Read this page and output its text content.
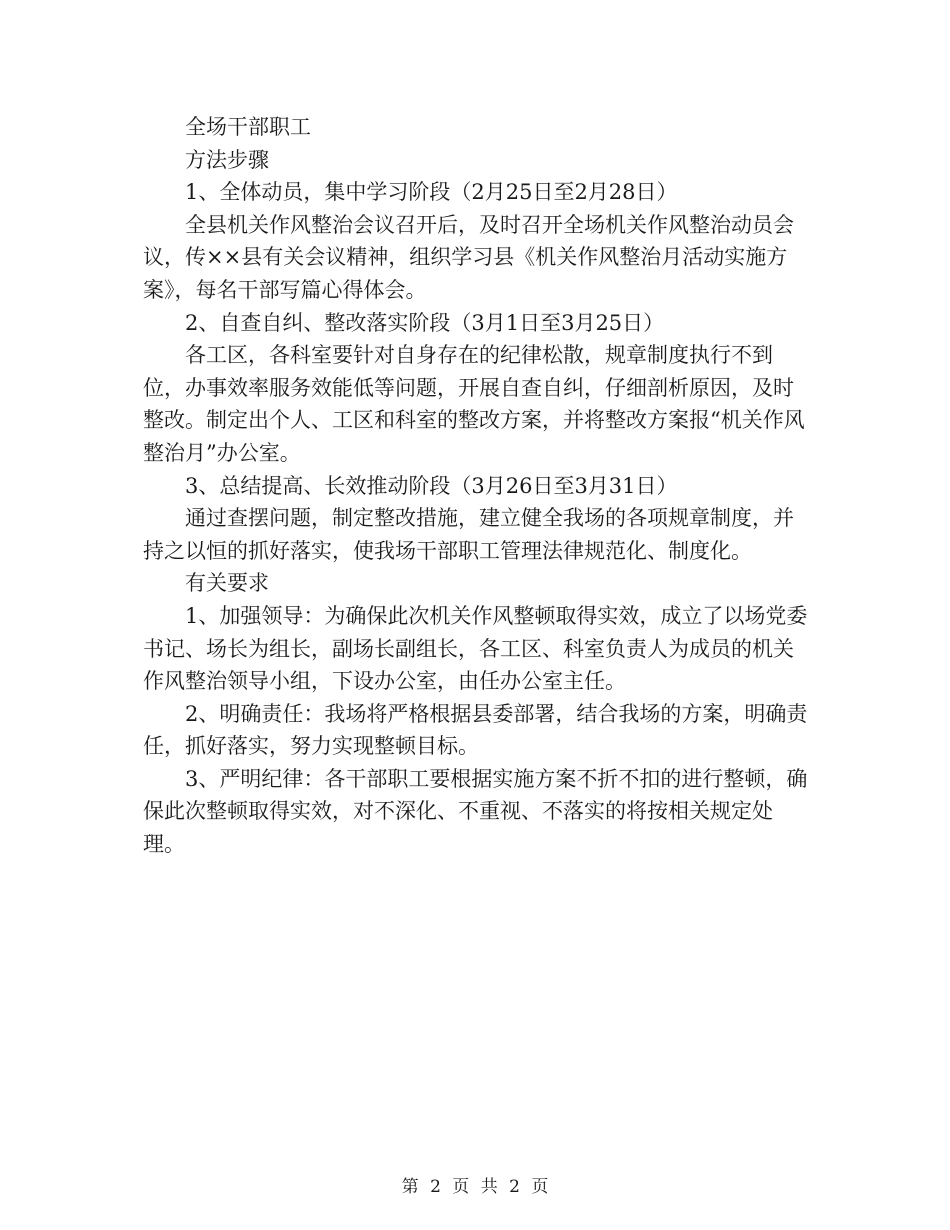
全场干部职工

方法步骤

1、全体动员，集中学习阶段（2月25日至2月28日）

全县机关作风整治会议召开后，及时召开全场机关作风整治动员会议，传××县有关会议精神，组织学习县《机关作风整治月活动实施方案》，每名干部写篇心得体会。

2、自查自纠、整改落实阶段（3月1日至3月25日）

各工区，各科室要针对自身存在的纪律松散，规章制度执行不到位，办事效率服务效能低等问题，开展自查自纠，仔细剖析原因，及时整改。制定出个人、工区和科室的整改方案，并将整改方案报“机关作风整治月”办公室。

3、总结提高、长效推动阶段（3月26日至3月31日）

通过查摆问题，制定整改措施，建立健全我场的各项规章制度，并持之以恒的抓好落实，使我场干部职工管理法律规范化、制度化。

有关要求

1、加强领导：为确保此次机关作风整顿取得实效，成立了以场党委书记、场长为组长，副场长副组长，各工区、科室负责人为成员的机关作风整治领导小组，下设办公室，由任办公室主任。

2、明确责任：我场将严格根据县委部署，结合我场的方案，明确责任，抓好落实，努力实现整顿目标。

3、严明纪律：各干部职工要根据实施方案不折不扣的进行整顿，确保此次整顿取得实效，对不深化、不重视、不落实的将按相关规定处理。

第 2 页 共 2 页
